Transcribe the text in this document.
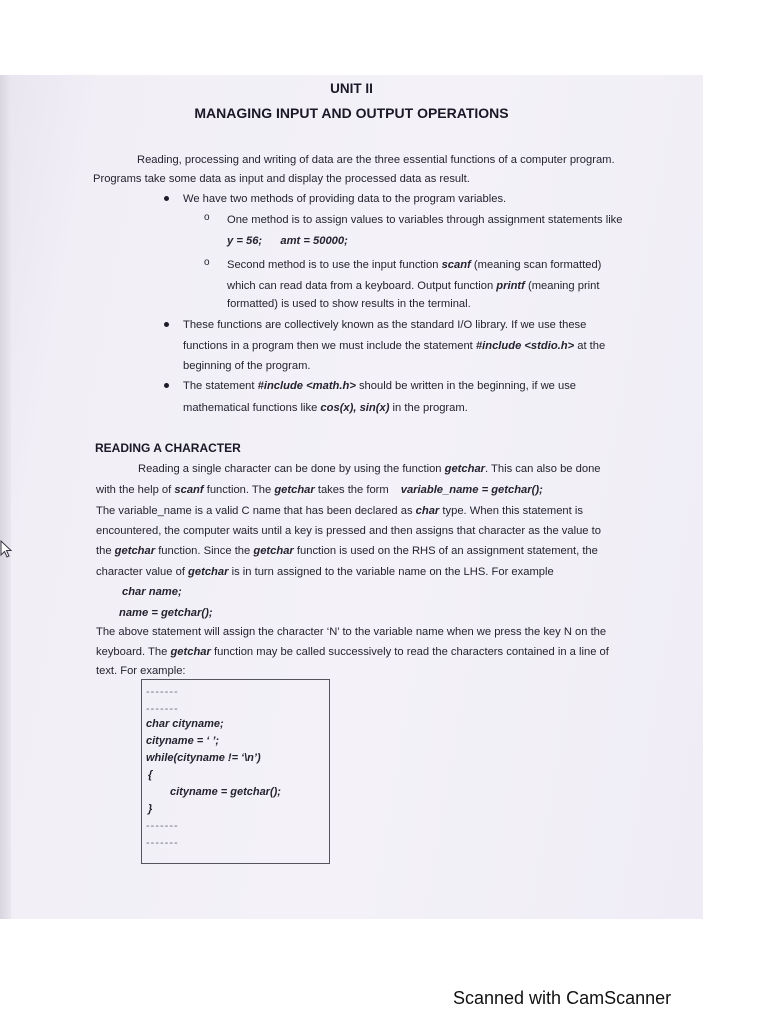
UNIT II
MANAGING INPUT AND OUTPUT OPERATIONS
Reading, processing and writing of data are the three essential functions of a computer program.
Programs take some data as input and display the processed data as result.
We have two methods of providing data to the program variables.
o One method is to assign values to variables through assignment statements like
y = 56; amt = 50000;
o Second method is to use the input function scanf (meaning scan formatted)
which can read data from a keyboard. Output function printf (meaning print
formatted) is used to show results in the terminal.
These functions are collectively known as the standard I/O library. If we use these
functions in a program then we must include the statement #include <stdio.h> at the
beginning of the program.
The statement #include <math.h> should be written in the beginning, if we use
mathematical functions like cos(x), sin(x) in the program.
READING A CHARACTER
Reading a single character can be done by using the function getchar. This can also be done
with the help of scanf function. The getchar takes the form variable_name = getchar();
The variable_name is a valid C name that has been declared as char type. When this statement is
encountered, the computer waits until a key is pressed and then assigns that character as the value to
the getchar function. Since the getchar function is used on the RHS of an assignment statement, the
character value of getchar is in turn assigned to the variable name on the LHS. For example
char name;
name = getchar();
The above statement will assign the character ‘N’ to the variable name when we press the key N on the
keyboard. The getchar function may be called successively to read the characters contained in a line of
text. For example:
-------
-------
char cityname;
cityname = ‘ ’;
while(cityname != ‘\n’)
{
cityname = getchar();
}
-------
-------
Scanned with CamScanner
